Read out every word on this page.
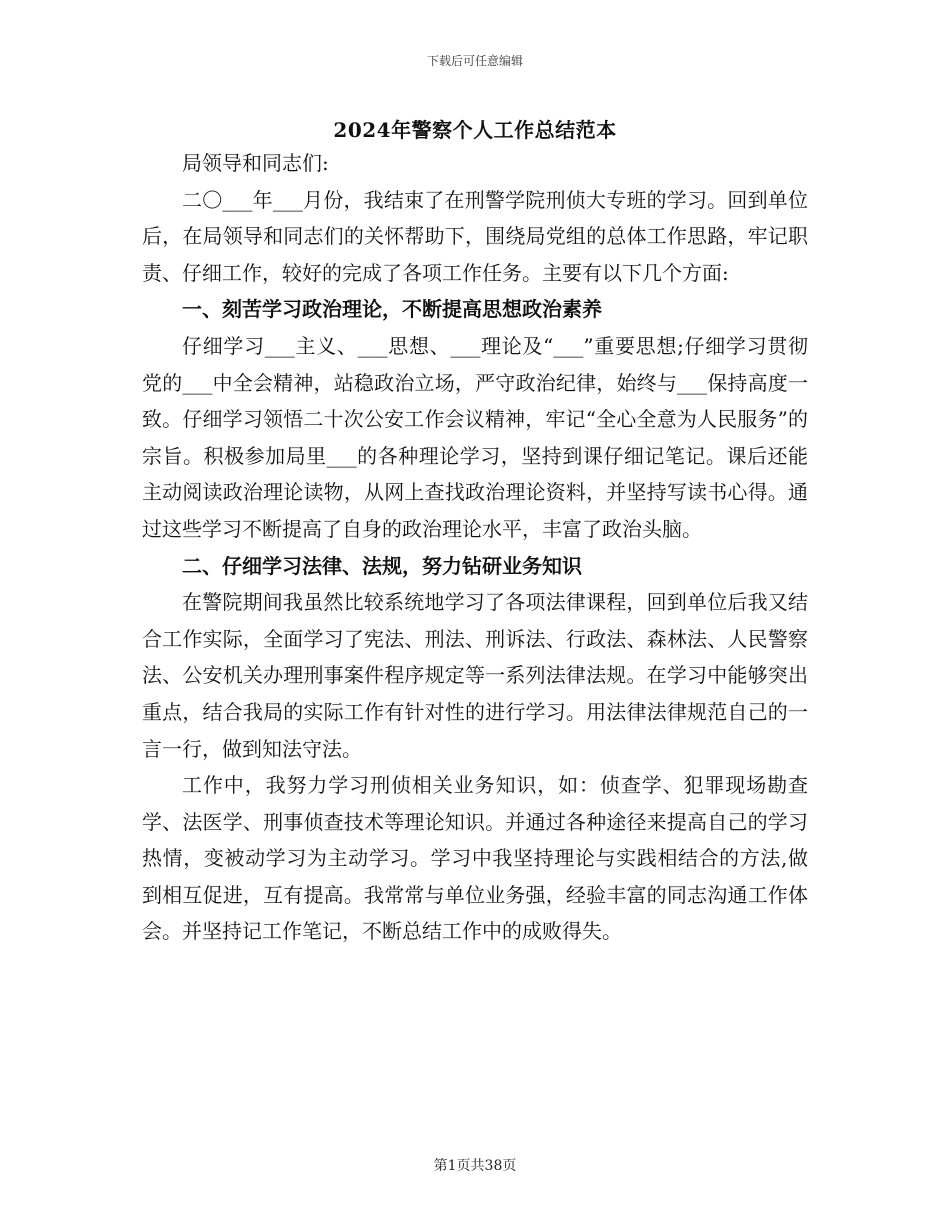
下载后可任意编辑
2024年警察个人工作总结范本

局领导和同志们:

二〇___年___月份，我结束了在刑警学院刑侦大专班的学习。回到单位后，在局领导和同志们的关怀帮助下，围绕局党组的总体工作思路，牢记职责、仔细工作，较好的完成了各项工作任务。主要有以下几个方面:

一、刻苦学习政治理论，不断提高思想政治素养

仔细学习___主义、___思想、___理论及“___”重要思想;仔细学习贯彻党的___中全会精神，站稳政治立场，严守政治纪律，始终与___保持高度一致。仔细学习领悟二十次公安工作会议精神，牢记“全心全意为人民服务”的宗旨。积极参加局里___的各种理论学习，坚持到课仔细记笔记。课后还能主动阅读政治理论读物，从网上查找政治理论资料，并坚持写读书心得。通过这些学习不断提高了自身的政治理论水平，丰富了政治头脑。

二、仔细学习法律、法规，努力钻研业务知识

在警院期间我虽然比较系统地学习了各项法律课程，回到单位后我又结合工作实际，全面学习了宪法、刑法、刑诉法、行政法、森林法、人民警察法、公安机关办理刑事案件程序规定等一系列法律法规。在学习中能够突出重点，结合我局的实际工作有针对性的进行学习。用法律法律规范自己的一言一行，做到知法守法。

工作中，我努力学习刑侦相关业务知识，如：侦查学、犯罪现场勘查学、法医学、刑事侦查技术等理论知识。并通过各种途径来提高自己的学习热情，变被动学习为主动学习。学习中我坚持理论与实践相结合的方法,做到相互促进，互有提高。我常常与单位业务强，经验丰富的同志沟通工作体会。并坚持记工作笔记，不断总结工作中的成败得失。

第1页共38页
